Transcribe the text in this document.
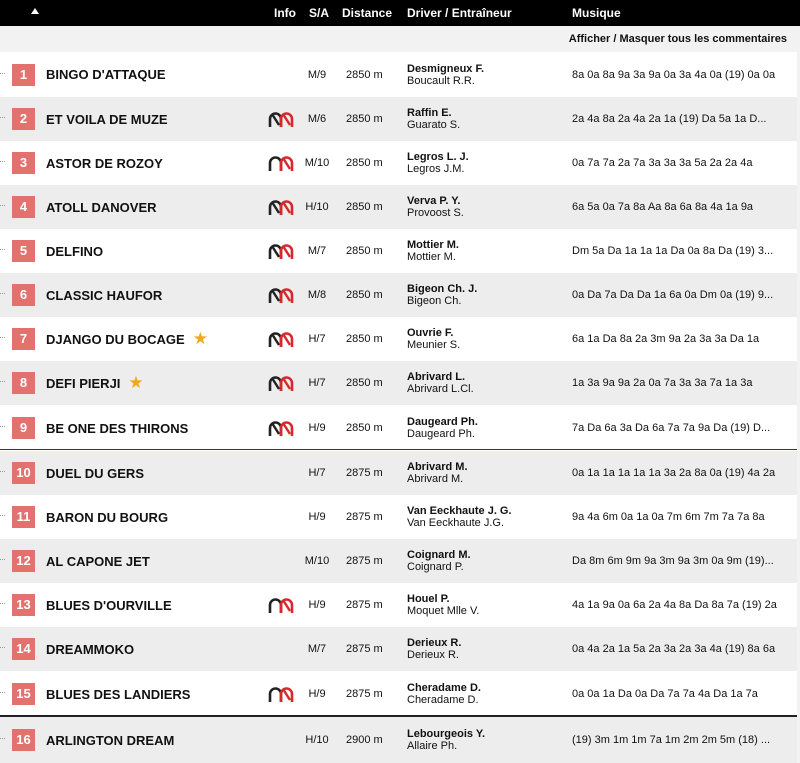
Info S/A Distance Driver / Entraîneur	Musique
Afficher / Masquer tous les commentaires
1	BINGO D'ATTAQUE	M/9	2850 m Desmigneux F.
Boucault R.R.	8a 0a 8a 9a 3a 9a 0a 3a 4a 0a (19) 0a 0a
2	ET VOILA DE MUZE	M/6	2850 m Raffin E.
Guarato S.	2a 4a 8a 2a 4a 2a 1a (19) Da 5a 1a D...
3	ASTOR DE ROZOY	M/10	2850 m Legros L. J.
Legros J.M.	0a 7a 7a 2a 7a 3a 3a 3a 5a 2a 2a 4a
4	ATOLL DANOVER	H/10	2850 m Verva P. Y.
Provoost S.	6a 5a 0a 7a 8a Aa 8a 6a 8a 4a 1a 9a
5	DELFINO	M/7	2850 m Mottier M.
Mottier M.	Dm 5a Da 1a 1a 1a Da 0a 8a Da (19) 3...
6	CLASSIC HAUFOR	M/8	2850 m Bigeon Ch. J.
Bigeon Ch.	0a Da 7a Da Da 1a 6a 0a Dm 0a (19) 9...
7	DJANGO DU BOCAGE ★	H/7	2850 m Ouvrie F.
Meunier S.	6a 1a Da 8a 2a 3m 9a 2a 3a 3a Da 1a
8	DEFI PIERJI ★	H/7	2850 m Abrivard L.
Abrivard L.Cl.	1a 3a 9a 9a 2a 0a 7a 3a 3a 7a 1a 3a
9	BE ONE DES THIRONS	H/9	2850 m Daugeard Ph.
Daugeard Ph.	7a Da 6a 3a Da 6a 7a 7a 9a Da (19) D...
10	DUEL DU GERS	H/7	2875 m Abrivard M.
Abrivard M.	0a 1a 1a 1a 1a 1a 3a 2a 8a 0a (19) 4a 2a
11	BARON DU BOURG	H/9	2875 m Van Eeckhaute J. G.
Van Eeckhaute J.G.	9a 4a 6m 0a 1a 0a 7m 6m 7m 7a 7a 8a
12	AL CAPONE JET	M/10	2875 m Coignard M.
Coignard P.	Da 8m 6m 9m 9a 3m 9a 3m 0a 9m (19)...
13	BLUES D'OURVILLE	H/9	2875 m Houel P.
Moquet Mlle V.	4a 1a 9a 0a 6a 2a 4a 8a Da 8a 7a (19) 2a
14	DREAMMOKO	M/7	2875 m Derieux R.
Derieux R.	0a 4a 2a 1a 5a 2a 3a 2a 3a 4a (19) 8a 6a
15	BLUES DES LANDIERS	H/9	2875 m Cheradame D.
Cheradame D.	0a 0a 1a Da 0a Da 7a 7a 4a Da 1a 7a
16	ARLINGTON DREAM	H/10	2900 m Lebourgeois Y.
Allaire Ph.	(19) 3m 1m 1m 7a 1m 2m 2m 5m (18) ...
